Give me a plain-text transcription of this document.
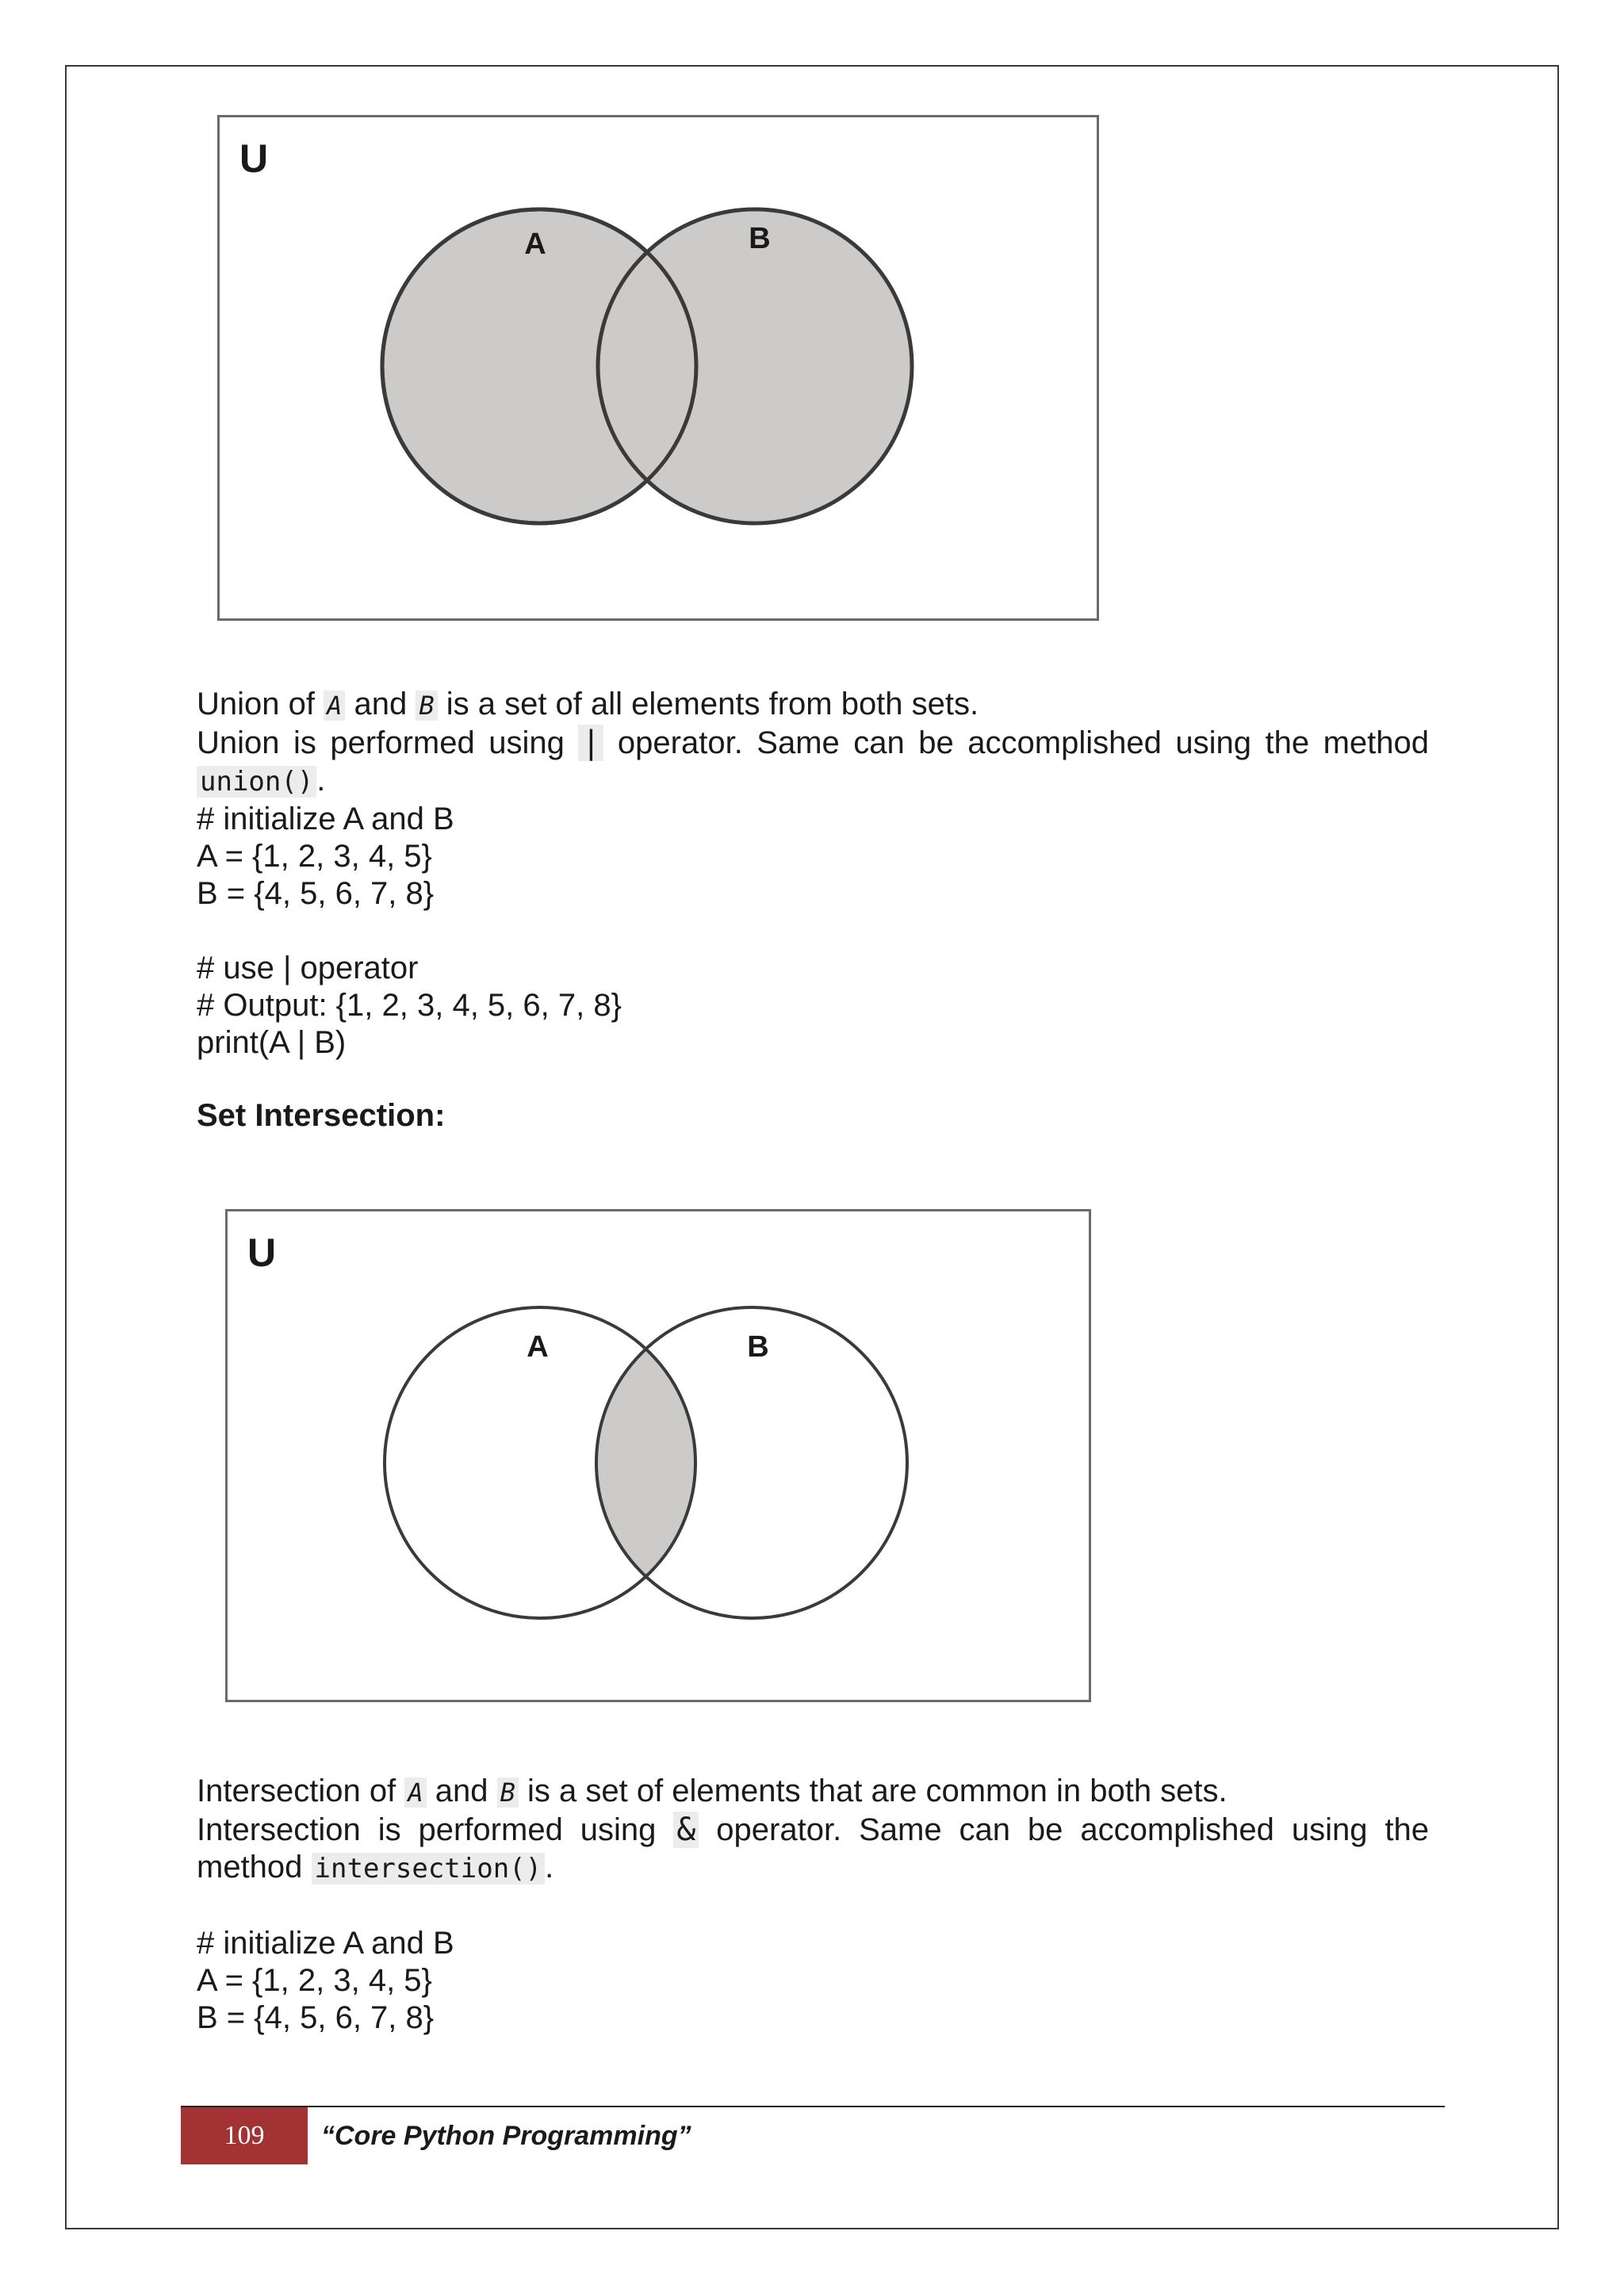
U
A	B

Union of A and B is a set of all elements from both sets.

Union is performed using | operator. Same can be accomplished using the method union() .

# initialize A and B

A = {1, 2, 3, 4, 5}

B = {4, 5, 6, 7, 8}

# use | operator

# Output: {1, 2, 3, 4, 5, 6, 7, 8}

print(A | B)

Set Intersection:

U
A	B

Intersection of A and B is a set of elements that are common in both sets.

Intersection is performed using & operator. Same can be accomplished using the method intersection() .

# initialize A and B

A = {1, 2, 3, 4, 5}

B = {4, 5, 6, 7, 8}

109	“Core Python Programming”
